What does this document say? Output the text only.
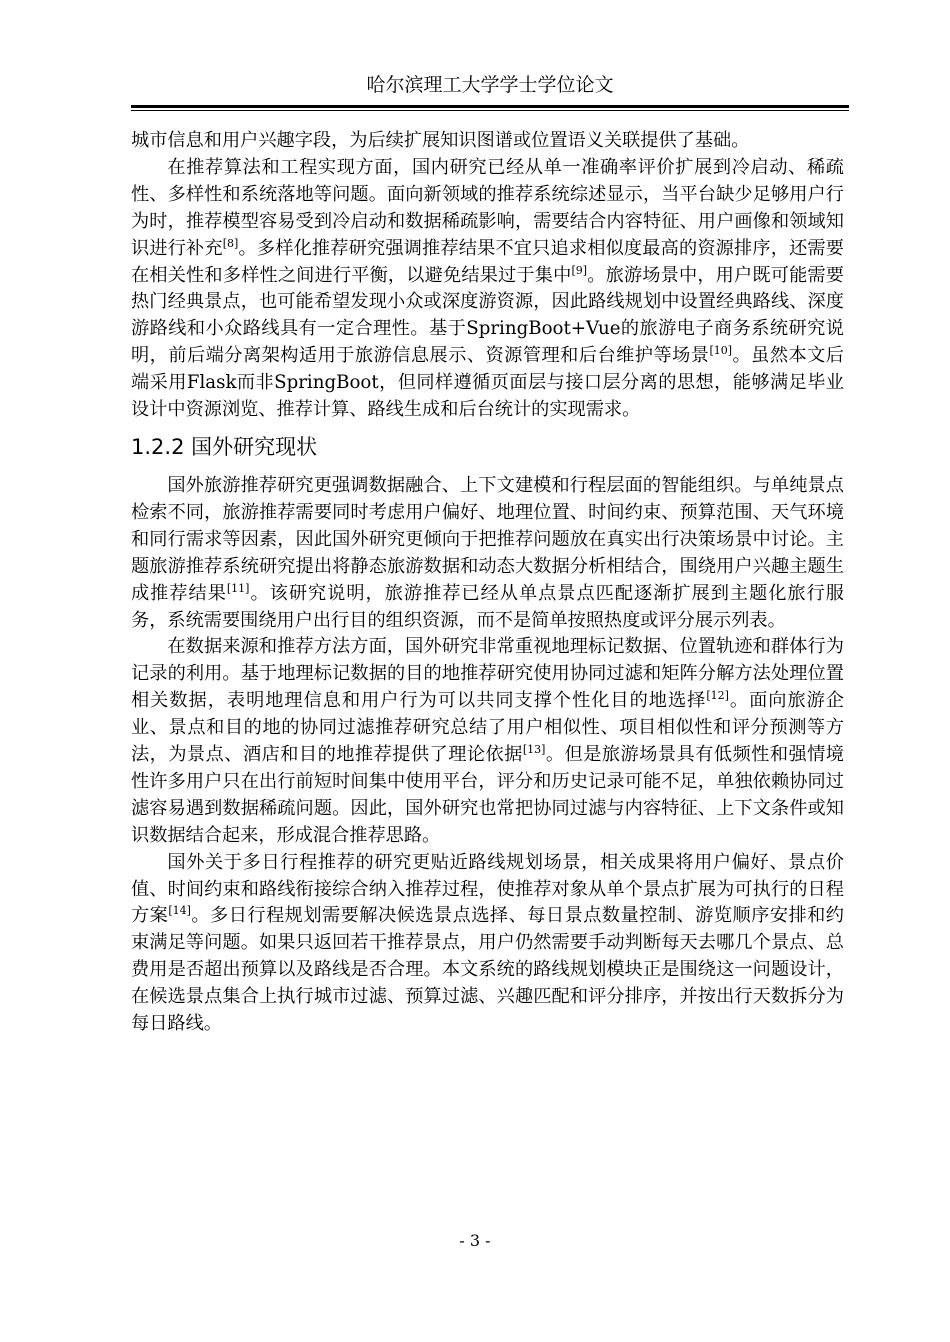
哈尔滨理工大学学士学位论文

城市信息和用户兴趣字段，为后续扩展知识图谱或位置语义关联提供了基础。

在推荐算法和工程实现方面，国内研究已经从单一准确率评价扩展到冷启动、稀疏性、多样性和系统落地等问题。面向新领域的推荐系统综述显示，当平台缺少足够用户行为时，推荐模型容易受到冷启动和数据稀疏影响，需要结合内容特征、用户画像和领域知识进行补充[8]。多样化推荐研究强调推荐结果不宜只追求相似度最高的资源排序，还需要在相关性和多样性之间进行平衡，以避免结果过于集中[9]。旅游场景中，用户既可能需要热门经典景点，也可能希望发现小众或深度游资源，因此路线规划中设置经典路线、深度游路线和小众路线具有一定合理性。基于SpringBoot+Vue的旅游电子商务系统研究说明，前后端分离架构适用于旅游信息展示、资源管理和后台维护等场景[10]。虽然本文后端采用Flask而非SpringBoot，但同样遵循页面层与接口层分离的思想，能够满足毕业设计中资源浏览、推荐计算、路线生成和后台统计的实现需求。

1.2.2 国外研究现状

国外旅游推荐研究更强调数据融合、上下文建模和行程层面的智能组织。与单纯景点检索不同，旅游推荐需要同时考虑用户偏好、地理位置、时间约束、预算范围、天气环境和同行需求等因素，因此国外研究更倾向于把推荐问题放在真实出行决策场景中讨论。主题旅游推荐系统研究提出将静态旅游数据和动态大数据分析相结合，围绕用户兴趣主题生成推荐结果[11]。该研究说明，旅游推荐已经从单点景点匹配逐渐扩展到主题化旅行服务，系统需要围绕用户出行目的组织资源，而不是简单按照热度或评分展示列表。

在数据来源和推荐方法方面，国外研究非常重视地理标记数据、位置轨迹和群体行为记录的利用。基于地理标记数据的目的地推荐研究使用协同过滤和矩阵分解方法处理位置相关数据，表明地理信息和用户行为可以共同支撑个性化目的地选择[12]。面向旅游企业、景点和目的地的协同过滤推荐研究总结了用户相似性、项目相似性和评分预测等方法，为景点、酒店和目的地推荐提供了理论依据[13]。但是旅游场景具有低频性和强情境性许多用户只在出行前短时间集中使用平台，评分和历史记录可能不足，单独依赖协同过滤容易遇到数据稀疏问题。因此，国外研究也常把协同过滤与内容特征、上下文条件或知识数据结合起来，形成混合推荐思路。

国外关于多日行程推荐的研究更贴近路线规划场景，相关成果将用户偏好、景点价值、时间约束和路线衔接综合纳入推荐过程，使推荐对象从单个景点扩展为可执行的日程方案[14]。多日行程规划需要解决候选景点选择、每日景点数量控制、游览顺序安排和约束满足等问题。如果只返回若干推荐景点，用户仍然需要手动判断每天去哪几个景点、总费用是否超出预算以及路线是否合理。本文系统的路线规划模块正是围绕这一问题设计，在候选景点集合上执行城市过滤、预算过滤、兴趣匹配和评分排序，并按出行天数拆分为每日路线。

- 3 -
